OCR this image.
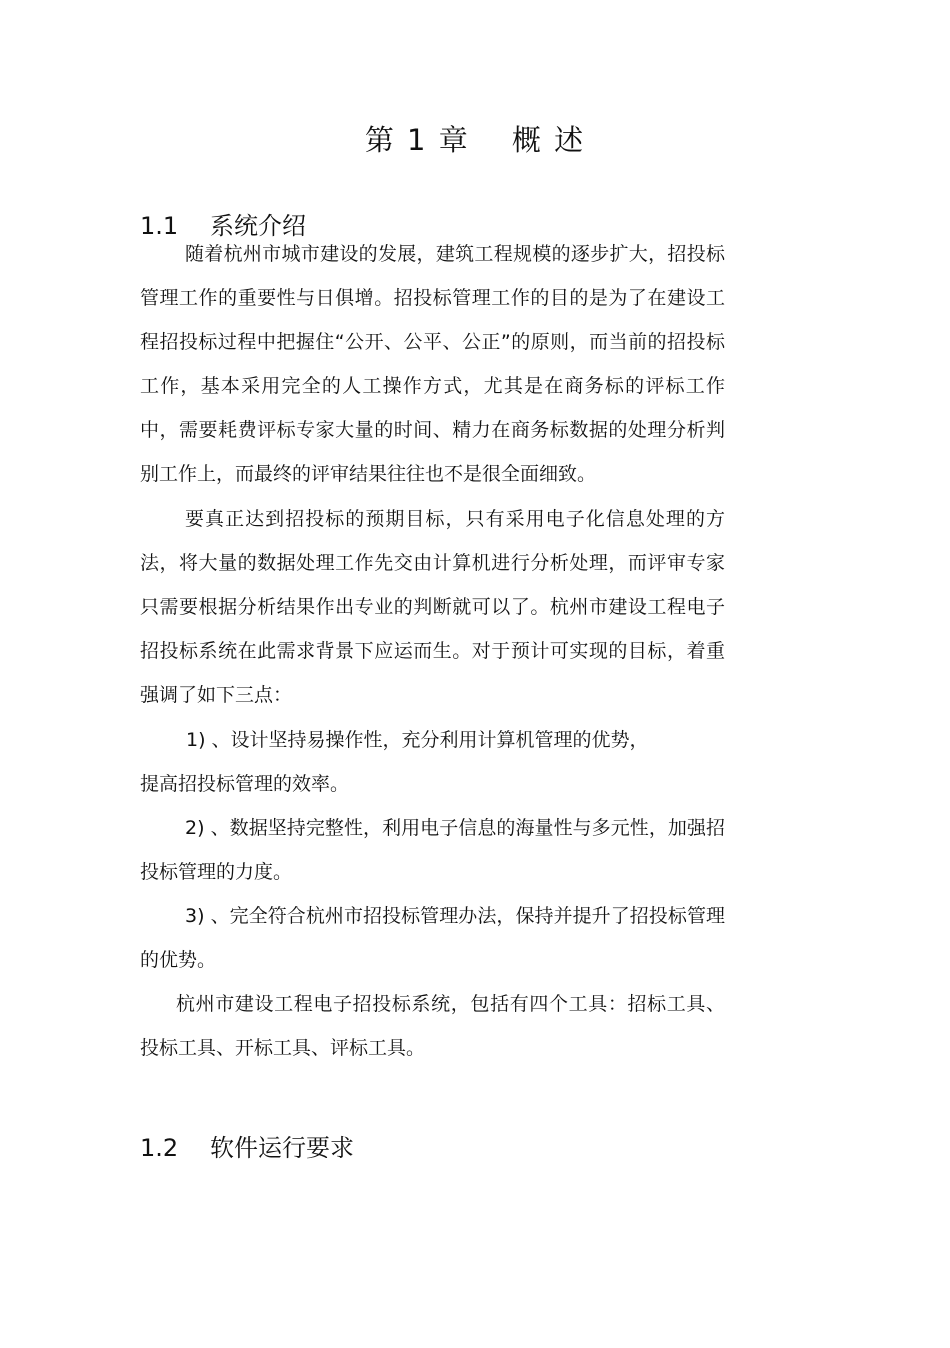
第 1 章　 概 述
1.1 系统介绍

随着杭州市城市建设的发展，建筑工程规模的逐步扩大，招投标管理工作的重要性与日俱增。招投标管理工作的目的是为了在建设工程招投标过程中把握住“公开、公平、公正”的原则，而当前的招投标工作，基本采用完全的人工操作方式，尤其是在商务标的评标工作中，需要耗费评标专家大量的时间、精力在商务标数据的处理分析判别工作上，而最终的评审结果往往也不是很全面细致。

要真正达到招投标的预期目标，只有采用电子化信息处理的方法，将大量的数据处理工作先交由计算机进行分析处理，而评审专家只需要根据分析结果作出专业的判断就可以了。杭州市建设工程电子招投标系统在此需求背景下应运而生。对于预计可实现的目标，着重强调了如下三点：

1) 、设计坚持易操作性，充分利用计算机管理的优势，

提高招投标管理的效率。

2) 、数据坚持完整性，利用电子信息的海量性与多元性，加强招投标管理的力度。

3) 、完全符合杭州市招投标管理办法，保持并提升了招投标管理的优势。

杭州市建设工程电子招投标系统，包括有四个工具：招标工具、投标工具、开标工具、评标工具。

1.2 软件运行要求
